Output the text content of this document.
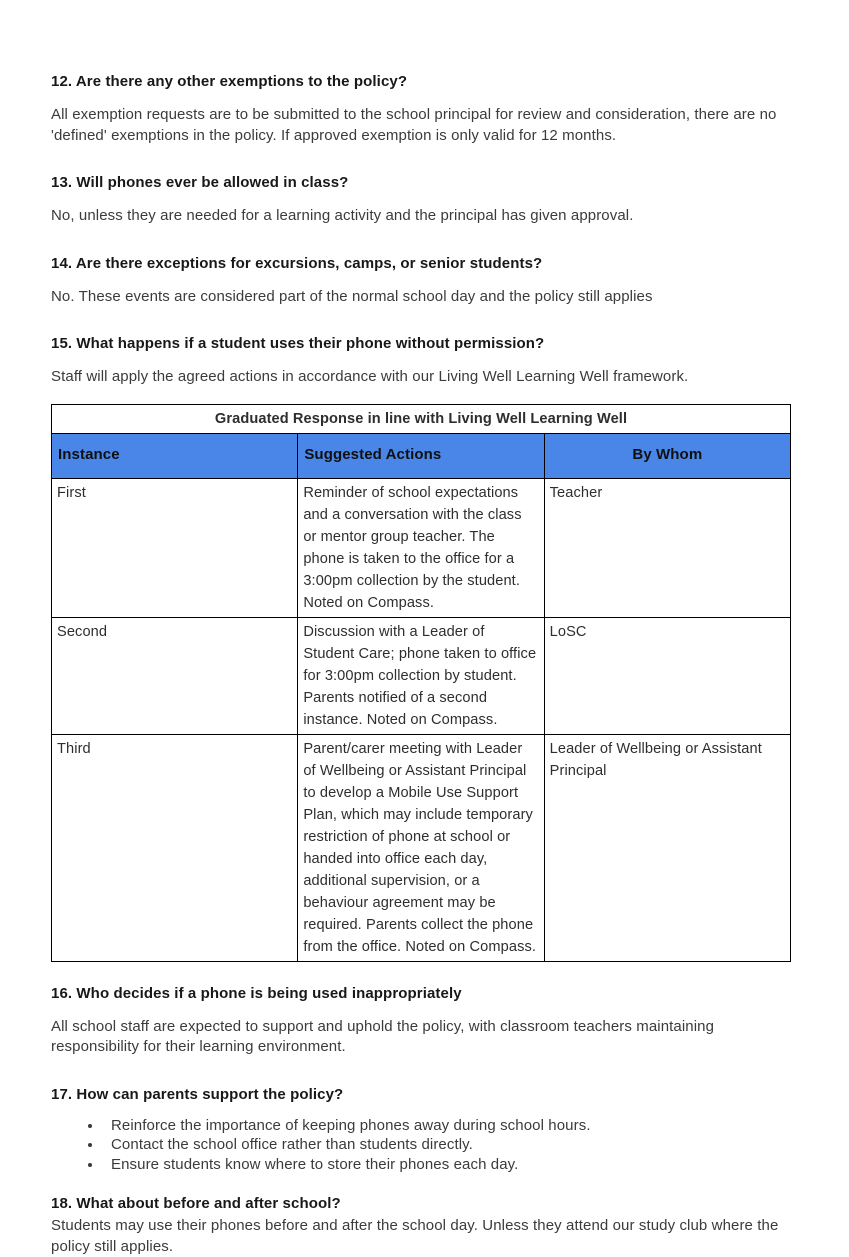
12. Are there any other exemptions to the policy?

All exemption requests are to be submitted to the school principal for review and consideration, there are no 'defined' exemptions in the policy. If approved exemption is only valid for 12 months.

13. Will phones ever be allowed in class?

No, unless they are needed for a learning activity and the principal has given approval.

14. Are there exceptions for excursions, camps, or senior students?

No. These events are considered part of the normal school day and the policy still applies

15. What happens if a student uses their phone without permission?

Staff will apply the agreed actions in accordance with our Living Well Learning Well framework.

Graduated Response in line with Living Well Learning Well		
Instance	Suggested Actions	By Whom
First	Reminder of school expectations and a conversation with the class or mentor group teacher. The phone is taken to the office for a 3:00pm collection by the student. Noted on Compass.	Teacher
Second	Discussion with a Leader of Student Care; phone taken to office for 3:00pm collection by student. Parents notified of a second instance. Noted on Compass.	LoSC
Third	Parent/carer meeting with Leader of Wellbeing or Assistant Principal to develop a Mobile Use Support Plan, which may include temporary restriction of phone at school or handed into office each day, additional supervision, or a behaviour agreement may be required. Parents collect the phone from the office. Noted on Compass.	Leader of Wellbeing or Assistant Principal
16. Who decides if a phone is being used inappropriately

All school staff are expected to support and uphold the policy, with classroom teachers maintaining responsibility for their learning environment.

17. How can parents support the policy?
• Reinforce the importance of keeping phones away during school hours.
• Contact the school office rather than students directly.
• Ensure students know where to store their phones each day.
18. What about before and after school?

Students may use their phones before and after the school day. Unless they attend our study club where the policy still applies.
